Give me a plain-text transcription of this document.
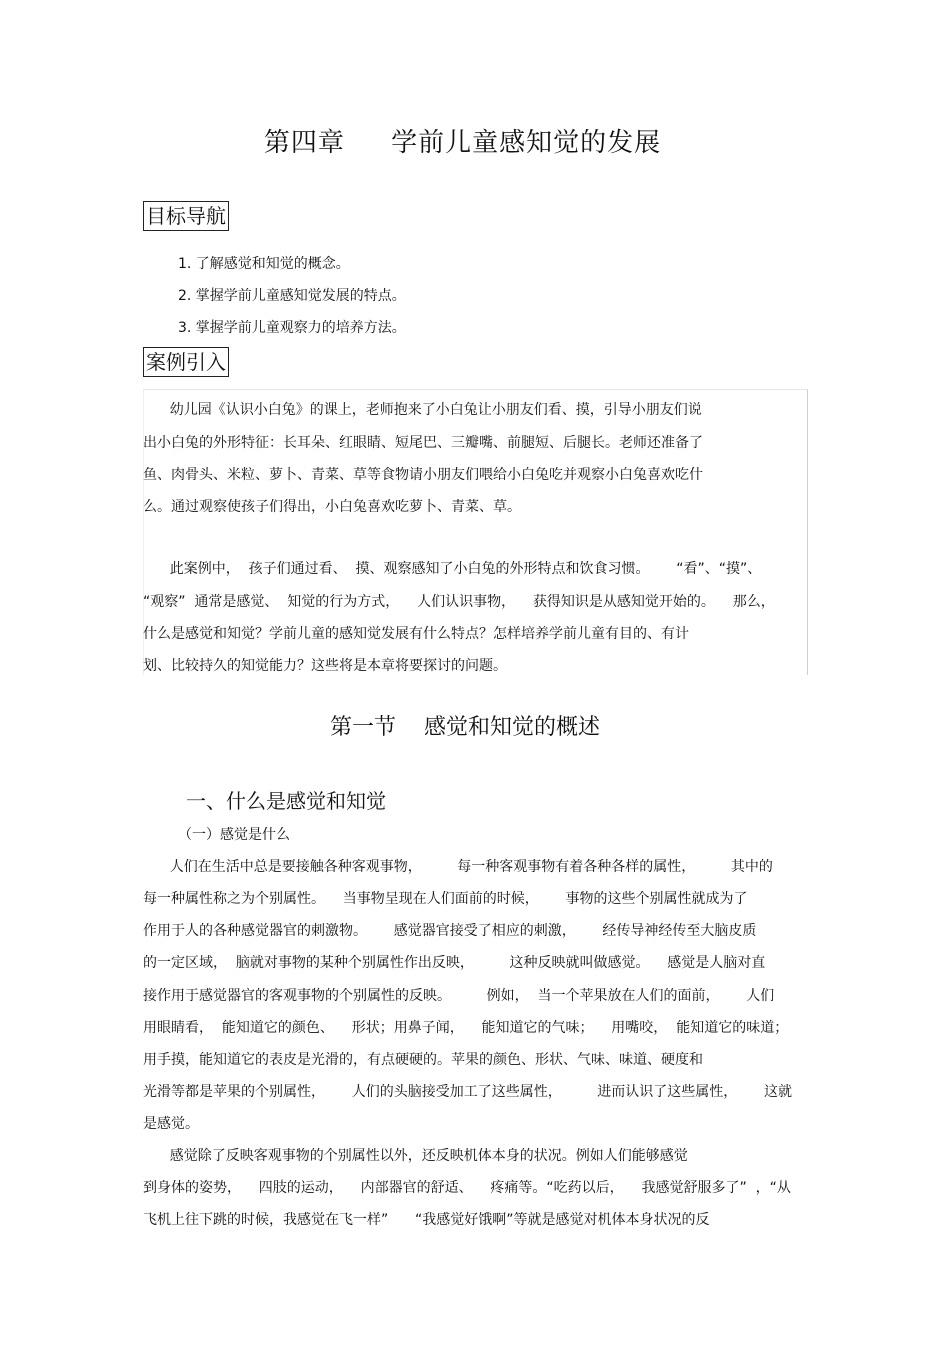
第四章     学前儿童感知觉的发展
目标导航
1. 了解感觉和知觉的概念。
2. 掌握学前儿童感知觉发展的特点。
3. 掌握学前儿童观察力的培养方法。
案例引入
幼儿园《认识小白兔》的课上，老师抱来了小白兔让小朋友们看、摸，引导小朋友们说
出小白兔的外形特征：长耳朵、红眼睛、短尾巴、三瓣嘴、前腿短、后腿长。老师还准备了
鱼、肉骨头、米粒、萝卜、青菜、草等食物请小朋友们喂给小白兔吃并观察小白兔喜欢吃什
么。通过观察使孩子们得出，小白兔喜欢吃萝卜、青菜、草。
此案例中，  孩子们通过看、  摸、观察感知了小白兔的外形特点和饮食习惯。      “看”、“摸”、
“观察”  通常是感觉、  知觉的行为方式，    人们认识事物，    获得知识是从感知觉开始的。    那么，
什么是感觉和知觉？学前儿童的感知觉发展有什么特点？怎样培养学前儿童有目的、有计
划、比较持久的知觉能力？这些将是本章将要探讨的问题。
第一节    感觉和知觉的概述
一、什么是感觉和知觉
（一）感觉是什么
人们在生活中总是要接触各种客观事物，        每一种客观事物有着各种各样的属性，        其中的
每一种属性称之为个别属性。    当事物呈现在人们面前的时候，      事物的这些个别属性就成为了
作用于人的各种感觉器官的刺激物。      感觉器官接受了相应的刺激，      经传导神经传至大脑皮质
的一定区域，  脑就对事物的某种个别属性作出反映，        这种反映就叫做感觉。    感觉是人脑对直
接作用于感觉器官的客观事物的个别属性的反映。        例如，  当一个苹果放在人们的面前，      人们
用眼睛看，  能知道它的颜色、    形状；用鼻子闻，    能知道它的气味；    用嘴咬，  能知道它的味道；
用手摸，能知道它的表皮是光滑的，有点硬硬的。苹果的颜色、形状、气味、味道、硬度和
光滑等都是苹果的个别属性，      人们的头脑接受加工了这些属性，        进而认识了这些属性，      这就
是感觉。
感觉除了反映客观事物的个别属性以外，还反映机体本身的状况。例如人们能够感觉
到身体的姿势，    四肢的运动，    内部器官的舒适、    疼痛等。“吃药以后，    我感觉舒服多了”  ，“从
飞机上往下跳的时候，我感觉在飞一样”      “我感觉好饿啊”等就是感觉对机体本身状况的反
